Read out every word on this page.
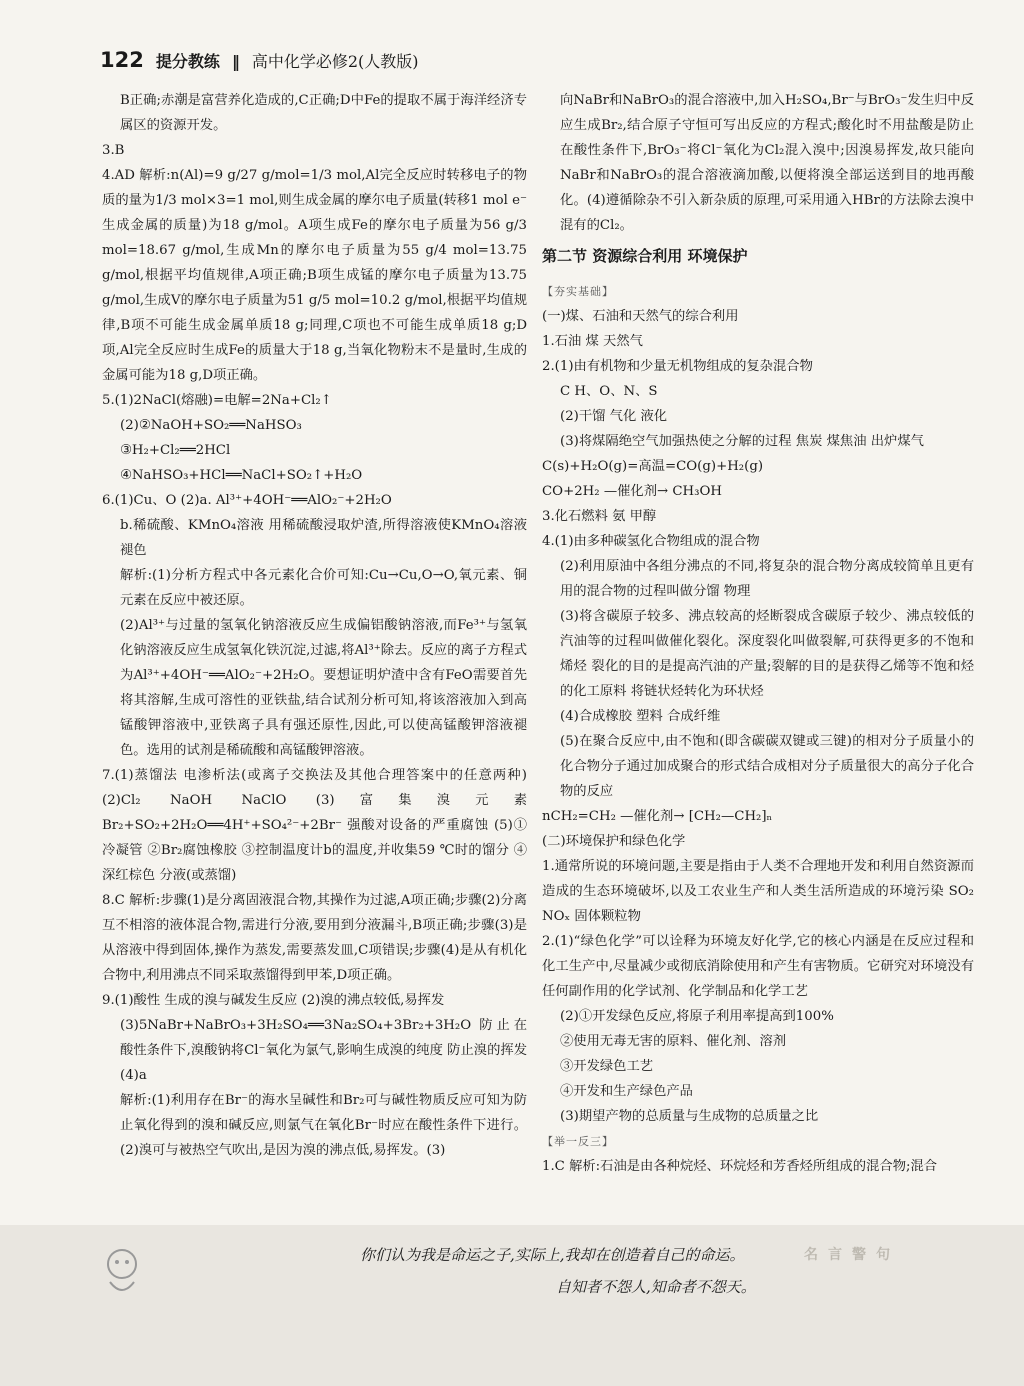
122 提分教练 ‖ 高中化学必修2(人教版)

B正确;赤潮是富营养化造成的,C正确;D中Fe的提取不属于海洋经济专属区的资源开发。

3.B

4.AD 解析:n(Al)=9 g/27 g/mol=1/3 mol,Al完全反应时转移电子的物质的量为1/3 mol×3=1 mol,则生成金属的摩尔电子质量(转移1 mol e⁻生成金属的质量)为18 g/mol。A项生成Fe的摩尔电子质量为56 g/3 mol=18.67 g/mol,生成Mn的摩尔电子质量为55 g/4 mol=13.75 g/mol,根据平均值规律,A项正确;B项生成锰的摩尔电子质量为13.75 g/mol,生成V的摩尔电子质量为51 g/5 mol=10.2 g/mol,根据平均值规律,B项不可能生成金属单质18 g;同理,C项也不可能生成单质18 g;D项,Al完全反应时生成Fe的质量大于18 g,当氧化物粉末不是量时,生成的金属可能为18 g,D项正确。

5.(1)2NaCl(熔融)=电解=2Na+Cl₂↑

(2)②NaOH+SO₂══NaHSO₃

③H₂+Cl₂══2HCl

④NaHSO₃+HCl══NaCl+SO₂↑+H₂O

6.(1)Cu、O (2)a. Al³⁺+4OH⁻══AlO₂⁻+2H₂O

b.稀硫酸、KMnO₄溶液 用稀硫酸浸取炉渣,所得溶液使KMnO₄溶液褪色

解析:(1)分析方程式中各元素化合价可知:Cu→Cu,O→O,氧元素、铜元素在反应中被还原。

(2)Al³⁺与过量的氢氧化钠溶液反应生成偏铝酸钠溶液,而Fe³⁺与氢氧化钠溶液反应生成氢氧化铁沉淀,过滤,将Al³⁺除去。反应的离子方程式为Al³⁺+4OH⁻══AlO₂⁻+2H₂O。要想证明炉渣中含有FeO需要首先将其溶解,生成可溶性的亚铁盐,结合试剂分析可知,将该溶液加入到高锰酸钾溶液中,亚铁离子具有强还原性,因此,可以使高锰酸钾溶液褪色。选用的试剂是稀硫酸和高锰酸钾溶液。

7.(1)蒸馏法 电渗析法(或离子交换法及其他合理答案中的任意两种) (2)Cl₂ NaOH NaClO (3)富集溴元素 Br₂+SO₂+2H₂O══4H⁺+SO₄²⁻+2Br⁻ 强酸对设备的严重腐蚀 (5)①冷凝管 ②Br₂腐蚀橡胶 ③控制温度计b的温度,并收集59 ℃时的馏分 ④深红棕色 分液(或蒸馏)

8.C 解析:步骤(1)是分离固液混合物,其操作为过滤,A项正确;步骤(2)分离互不相溶的液体混合物,需进行分液,要用到分液漏斗,B项正确;步骤(3)是从溶液中得到固体,操作为蒸发,需要蒸发皿,C项错误;步骤(4)是从有机化合物中,利用沸点不同采取蒸馏得到甲苯,D项正确。

9.(1)酸性 生成的溴与碱发生反应 (2)溴的沸点较低,易挥发

(3)5NaBr+NaBrO₃+3H₂SO₄══3Na₂SO₄+3Br₂+3H₂O 防止在酸性条件下,溴酸钠将Cl⁻氧化为氯气,影响生成溴的纯度 防止溴的挥发 (4)a

解析:(1)利用存在Br⁻的海水呈碱性和Br₂可与碱性物质反应可知为防止氧化得到的溴和碱反应,则氯气在氧化Br⁻时应在酸性条件下进行。(2)溴可与被热空气吹出,是因为溴的沸点低,易挥发。(3)

向NaBr和NaBrO₃的混合溶液中,加入H₂SO₄,Br⁻与BrO₃⁻发生归中反应生成Br₂,结合原子守恒可写出反应的方程式;酸化时不用盐酸是防止在酸性条件下,BrO₃⁻将Cl⁻氧化为Cl₂混入溴中;因溴易挥发,故只能向NaBr和NaBrO₃的混合溶液滴加酸,以便将溴全部运送到目的地再酸化。(4)遵循除杂不引入新杂质的原理,可采用通入HBr的方法除去溴中混有的Cl₂。

第二节 资源综合利用 环境保护

【夯实基础】

(一)煤、石油和天然气的综合利用

1.石油 煤 天然气

2.(1)由有机物和少量无机物组成的复杂混合物

C H、O、N、S

(2)干馏 气化 液化

(3)将煤隔绝空气加强热使之分解的过程 焦炭 煤焦油 出炉煤气

C(s)+H₂O(g)=高温=CO(g)+H₂(g)

CO+2H₂ —催化剂→ CH₃OH

3.化石燃料 氨 甲醇

4.(1)由多种碳氢化合物组成的混合物

(2)利用原油中各组分沸点的不同,将复杂的混合物分离成较简单且更有用的混合物的过程叫做分馏 物理

(3)将含碳原子较多、沸点较高的烃断裂成含碳原子较少、沸点较低的汽油等的过程叫做催化裂化。深度裂化叫做裂解,可获得更多的不饱和烯烃 裂化的目的是提高汽油的产量;裂解的目的是获得乙烯等不饱和烃的化工原料 将链状烃转化为环状烃

(4)合成橡胶 塑料 合成纤维

(5)在聚合反应中,由不饱和(即含碳碳双键或三键)的相对分子质量小的化合物分子通过加成聚合的形式结合成相对分子质量很大的高分子化合物的反应

nCH₂=CH₂ —催化剂→ [CH₂—CH₂]ₙ

(二)环境保护和绿色化学

1.通常所说的环境问题,主要是指由于人类不合理地开发和利用自然资源而造成的生态环境破坏,以及工农业生产和人类生活所造成的环境污染 SO₂ NOₓ 固体颗粒物

2.(1)“绿色化学”可以诠释为环境友好化学,它的核心内涵是在反应过程和化工生产中,尽量减少或彻底消除使用和产生有害物质。它研究对环境没有任何副作用的化学试剂、化学制品和化学工艺

(2)①开发绿色反应,将原子利用率提高到100%

②使用无毒无害的原料、催化剂、溶剂

③开发绿色工艺

④开发和生产绿色产品

(3)期望产物的总质量与生成物的总质量之比

【举一反三】

1.C 解析:石油是由各种烷烃、环烷烃和芳香烃所组成的混合物;混合

你们认为我是命运之子,实际上,我却在创造着自己的命运。
自知者不怨人,知命者不怨天。
名言警句
